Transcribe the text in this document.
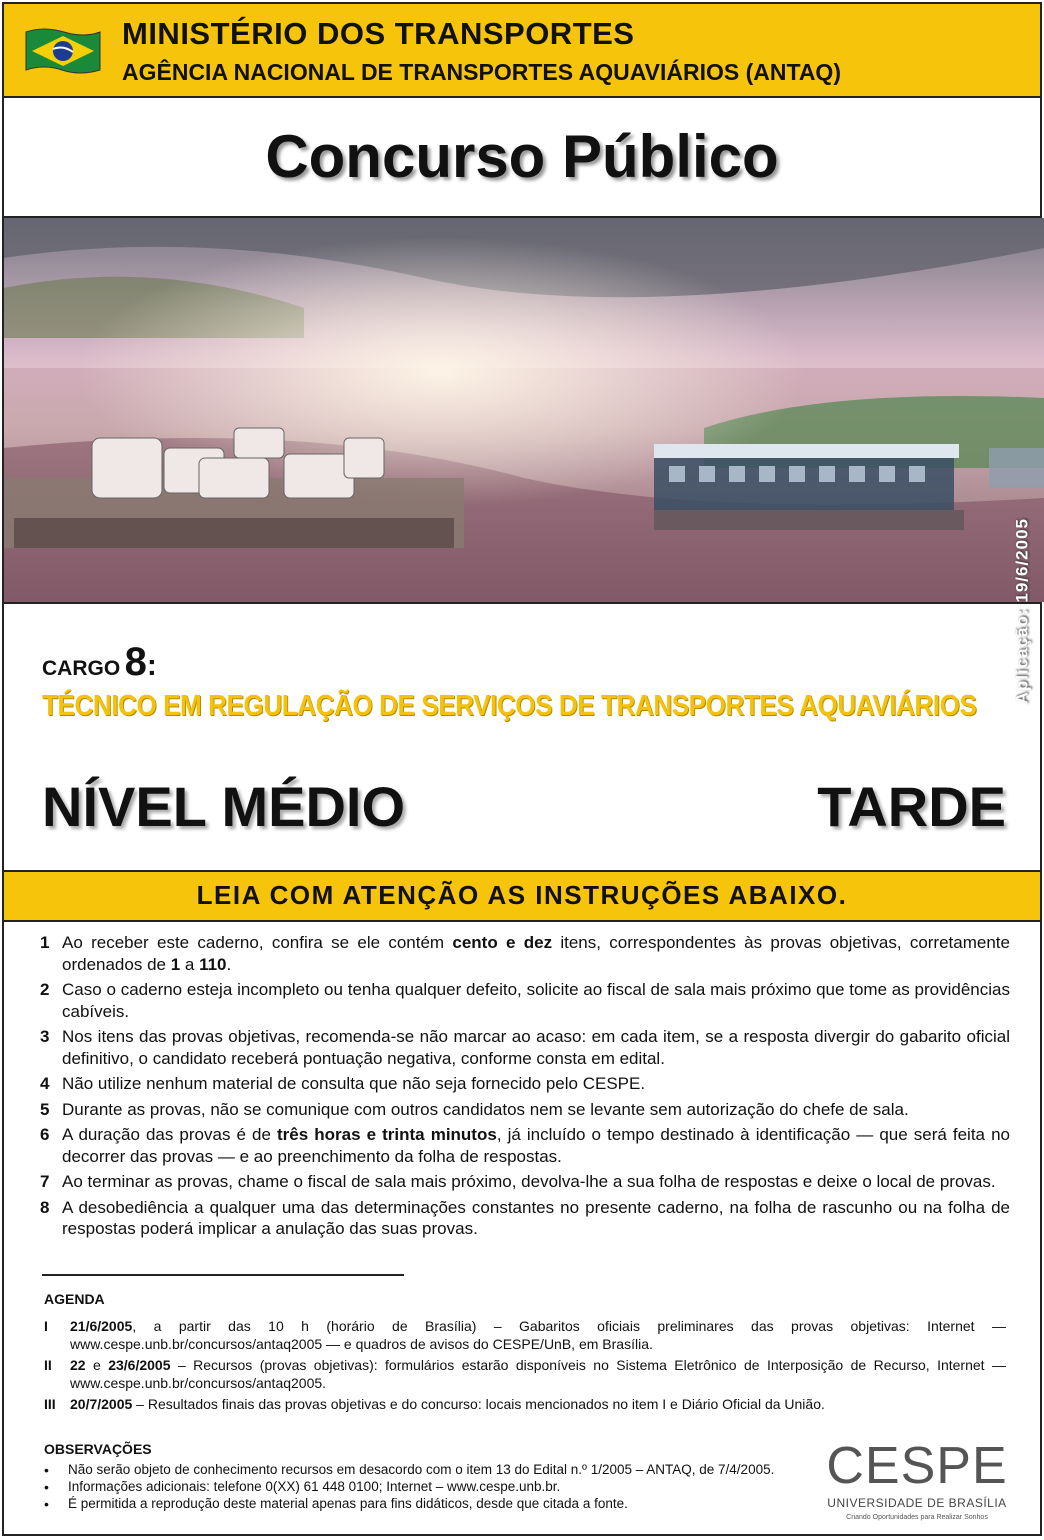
MINISTÉRIO DOS TRANSPORTES
AGÊNCIA NACIONAL DE TRANSPORTES AQUAVIÁRIOS (ANTAQ)
Concurso Público
Aplicação: 19/6/2005
CARGO 8:
TÉCNICO EM REGULAÇÃO DE SERVIÇOS DE TRANSPORTES AQUAVIÁRIOS
NÍVEL MÉDIO	TARDE
LEIA COM ATENÇÃO AS INSTRUÇÕES ABAIXO.
1 Ao receber este caderno, confira se ele contém cento e dez itens, correspondentes às provas objetivas, corretamente ordenados de 1 a 110.
2 Caso o caderno esteja incompleto ou tenha qualquer defeito, solicite ao fiscal de sala mais próximo que tome as providências cabíveis.
3 Nos itens das provas objetivas, recomenda-se não marcar ao acaso: em cada item, se a resposta divergir do gabarito oficial definitivo, o candidato receberá pontuação negativa, conforme consta em edital.
4 Não utilize nenhum material de consulta que não seja fornecido pelo CESPE.
5 Durante as provas, não se comunique com outros candidatos nem se levante sem autorização do chefe de sala.
6 A duração das provas é de três horas e trinta minutos, já incluído o tempo destinado à identificação — que será feita no decorrer das provas — e ao preenchimento da folha de respostas.
7 Ao terminar as provas, chame o fiscal de sala mais próximo, devolva-lhe a sua folha de respostas e deixe o local de provas.
8 A desobediência a qualquer uma das determinações constantes no presente caderno, na folha de rascunho ou na folha de respostas poderá implicar a anulação das suas provas.
AGENDA
I 21/6/2005, a partir das 10 h (horário de Brasília) – Gabaritos oficiais preliminares das provas objetivas: Internet — www.cespe.unb.br/concursos/antaq2005 — e quadros de avisos do CESPE/UnB, em Brasília.
II 22 e 23/6/2005 – Recursos (provas objetivas): formulários estarão disponíveis no Sistema Eletrônico de Interposição de Recurso, Internet — www.cespe.unb.br/concursos/antaq2005.
III 20/7/2005 – Resultados finais das provas objetivas e do concurso: locais mencionados no item I e Diário Oficial da União.
OBSERVAÇÕES
• Não serão objeto de conhecimento recursos em desacordo com o item 13 do Edital n.º 1/2005 – ANTAQ, de 7/4/2005.
• Informações adicionais: telefone 0(XX) 61 448 0100; Internet – www.cespe.unb.br.
• É permitida a reprodução deste material apenas para fins didáticos, desde que citada a fonte.
CESPE
UNIVERSIDADE DE BRASÍLIA
Criando Oportunidades para Realizar Sonhos
